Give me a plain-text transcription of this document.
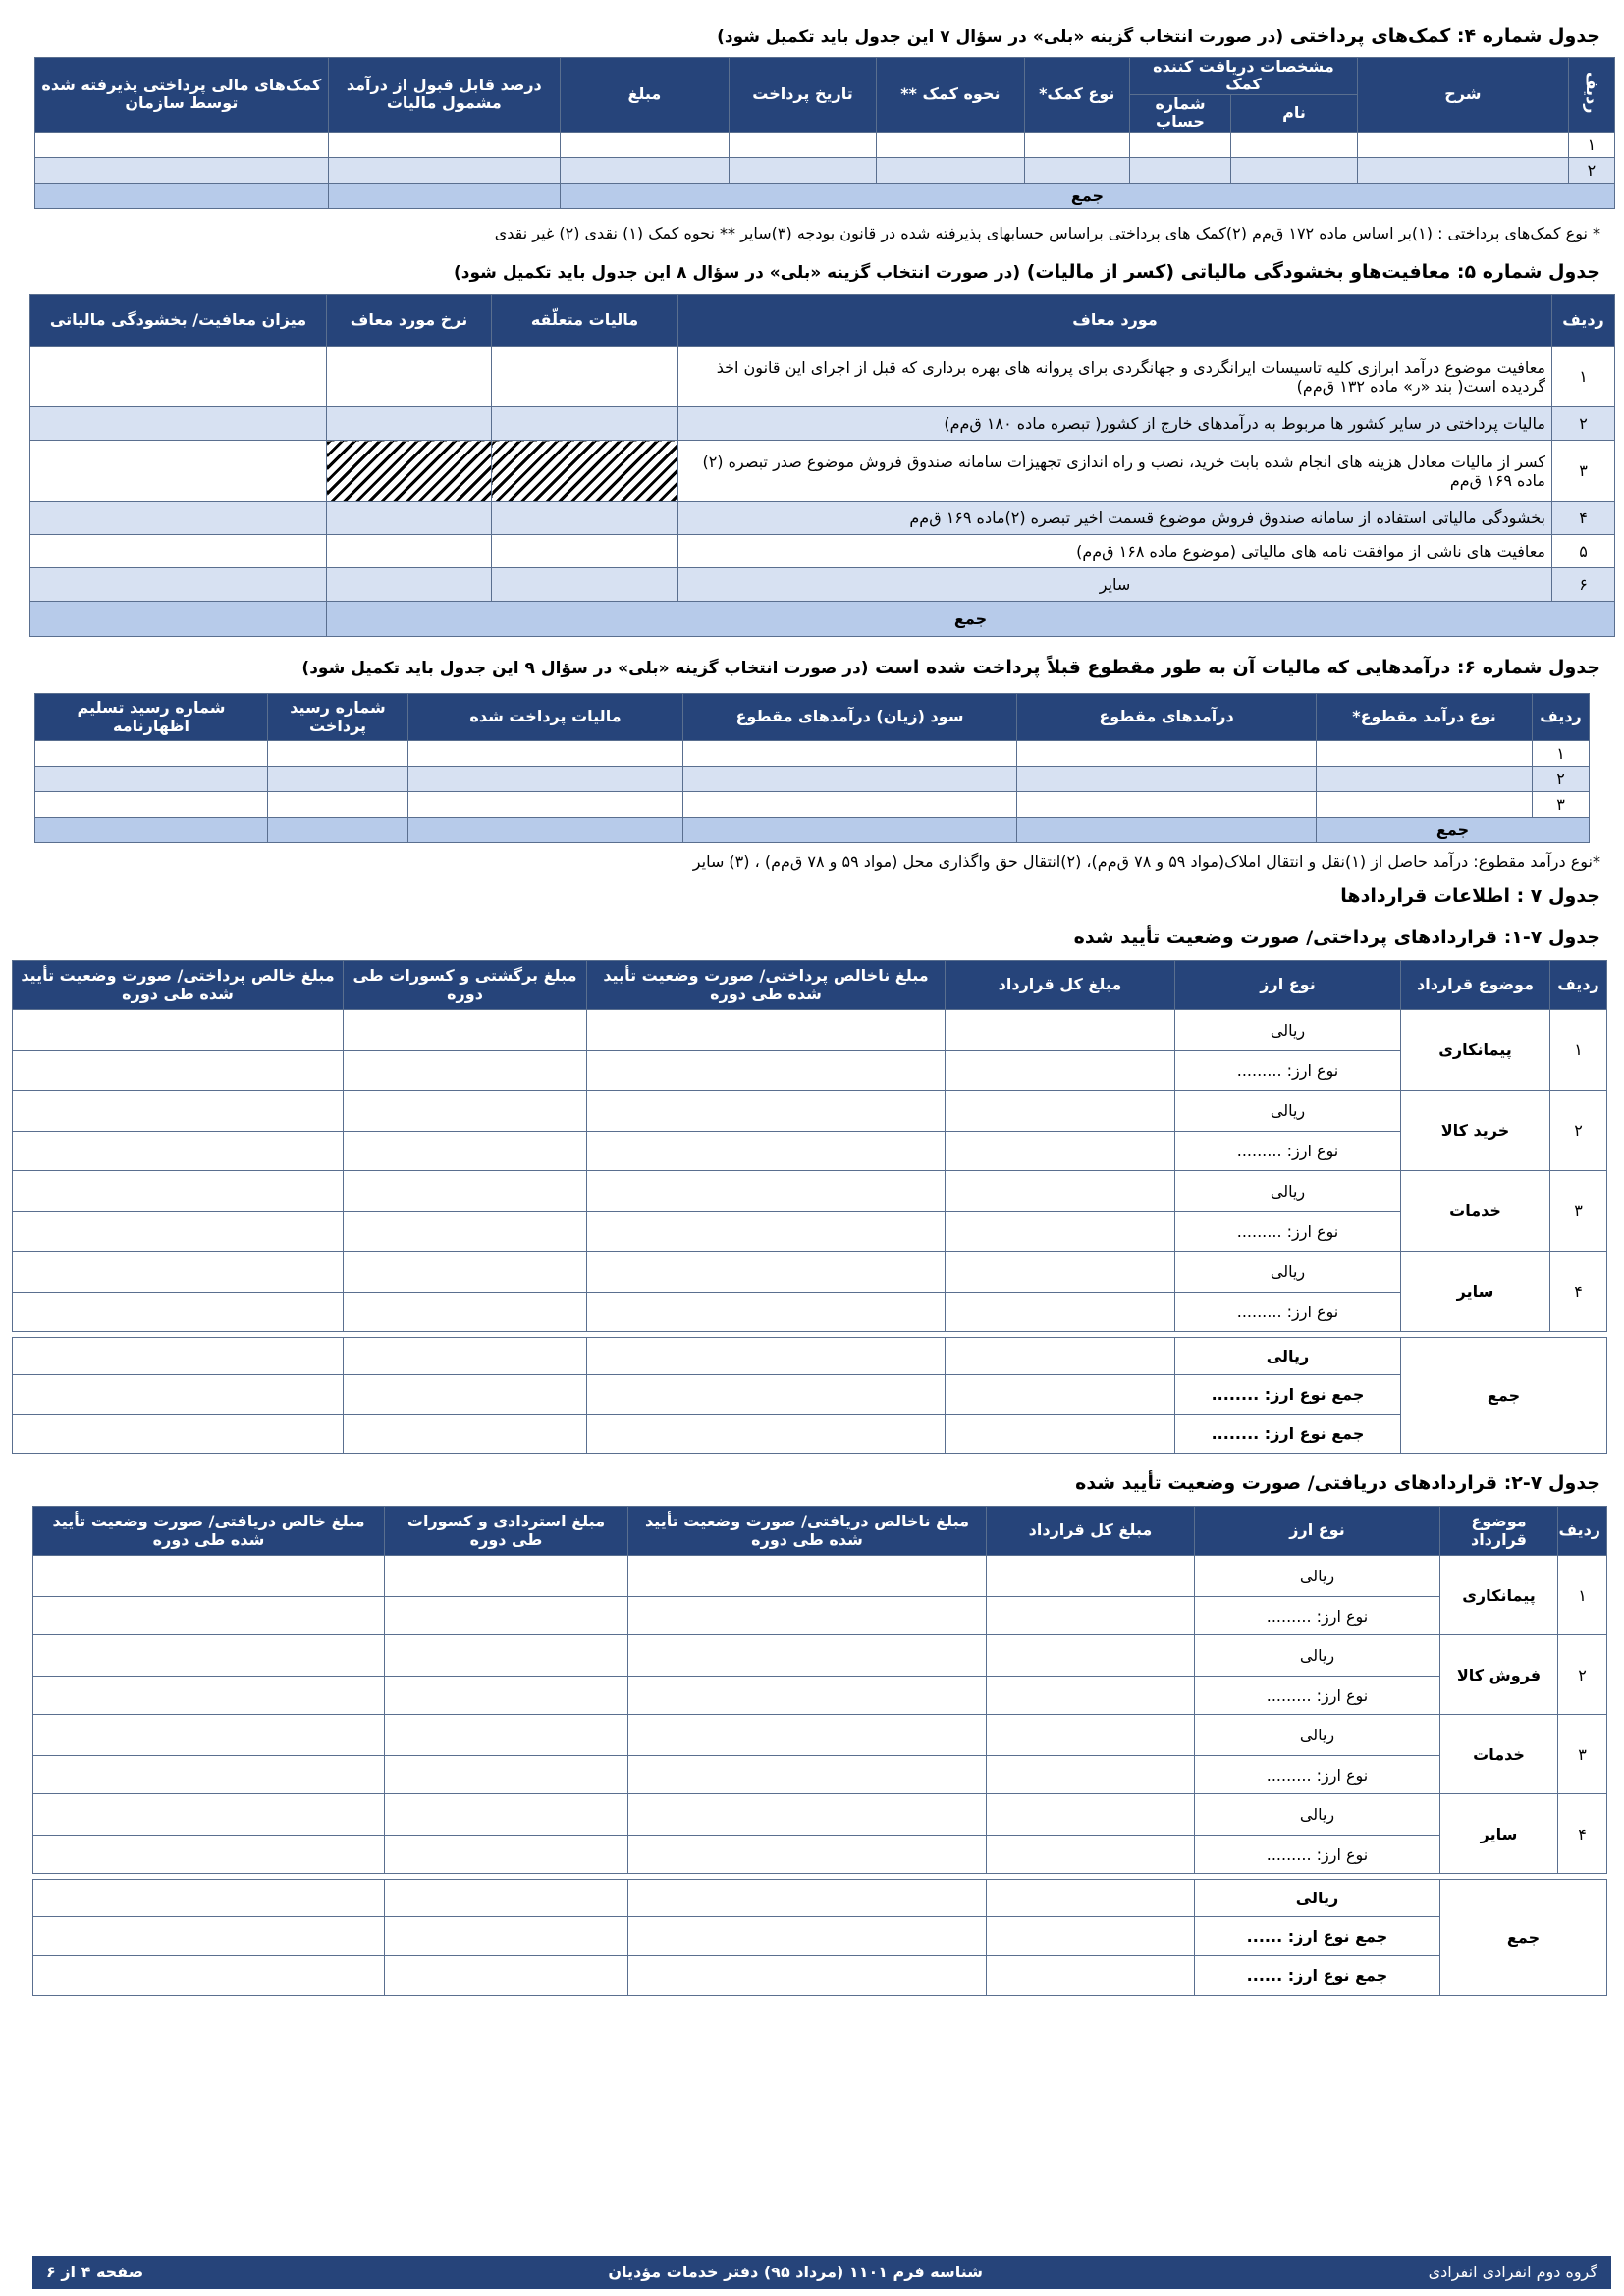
جدول شماره ۴: کمک‌های پرداختی (در صورت انتخاب گزینه «بلی» در سؤال ۷ این جدول باید تکمیل شود)
ردیف	شرح	مشخصات دریافت کننده کمک		نوع کمک*	نحوه کمک **	تاریخ پرداخت	مبلغ	درصد قابل قبول از درآمد مشمول مالیات	کمک‌های مالی پرداختی پذیرفته شده توسط سازمان
		نام	شماره حساب						
۱									
۲									
جمع									
* نوع کمک‌های پرداختی : (۱)بر اساس ماده ۱۷۲ ق‌م‌م (۲)کمک های پرداختی براساس حسابهای پذیرفته شده در قانون بودجه (۳)سایر ** نحوه کمک (۱) نقدی (۲) غیر نقدی
جدول شماره ۵: معافیت‌هاو بخشودگی مالیاتی (کسر از مالیات) (در صورت انتخاب گزینه «بلی» در سؤال ۸ این جدول باید تکمیل شود)
ردیف	مورد معاف	مالیات متعلّقه	نرخ مورد معاف	میزان معافیت/ بخشودگی مالیاتی
۱	معافیت موضوع درآمد ابرازی کلیه تاسیسات ایرانگردی و جهانگردی برای پروانه های بهره برداری که قبل از اجرای این قانون اخذ گردیده است( بند «ر» ماده ۱۳۲ ق‌م‌م)			
۲	مالیات پرداختی در سایر کشور ها مربوط به درآمدهای خارج از کشور( تبصره ماده ۱۸۰ ق‌م‌م)			
۳	کسر از مالیات معادل هزینه های انجام شده بابت خرید، نصب و راه اندازی تجهیزات سامانه صندوق فروش موضوع صدر تبصره (۲) ماده ۱۶۹ ق‌م‌م			
۴	بخشودگی مالیاتی استفاده از سامانه صندوق فروش موضوع قسمت اخیر تبصره (۲)ماده ۱۶۹ ق‌م‌م			
۵	معافیت های ناشی از موافقت نامه های مالیاتی (موضوع ماده ۱۶۸ ق‌م‌م)			
۶	سایر			
جمع				
جدول شماره ۶: درآمدهایی که مالیات آن به طور مقطوع قبلاً پرداخت شده است (در صورت انتخاب گزینه «بلی» در سؤال ۹ این جدول باید تکمیل شود)
ردیف	نوع درآمد مقطوع*	درآمدهای مقطوع	سود (زیان) درآمدهای مقطوع	مالیات پرداخت شده	شماره رسید پرداخت	شماره رسید تسلیم اظهارنامه
۱						
۲						
۳						
جمع						
*نوع درآمد مقطوع: درآمد حاصل از (۱)نقل و انتقال املاک(مواد ۵۹ و ۷۸ ق‌م‌م)، (۲)انتقال حق واگذاری محل (مواد ۵۹ و ۷۸ ق‌م‌م) ، (۳) سایر
جدول ۷ : اطلاعات قراردادها
جدول ۷-۱: قراردادهای پرداختی/ صورت وضعیت تأیید شده
ردیف	موضوع قرارداد	نوع ارز	مبلغ کل قرارداد	مبلغ ناخالص پرداختی/ صورت وضعیت تأیید شده طی دوره	مبلغ برگشتی و کسورات طی دوره	مبلغ خالص پرداختی/ صورت وضعیت تأیید شده طی دوره
۱	پیمانکاری	ریالی				
		نوع ارز: .........				
۲	خرید کالا	ریالی				
		نوع ارز: .........				
۳	خدمات	ریالی				
		نوع ارز: .........				
۴	سایر	ریالی				
		نوع ارز: .........				

جمع		ریالی				
		جمع نوع ارز: ........				
		جمع نوع ارز: ........				
جدول ۷-۲: قراردادهای دریافتی/ صورت وضعیت تأیید شده
ردیف	موضوع قرارداد	نوع ارز	مبلغ کل قرارداد	مبلغ ناخالص دریافتی/ صورت وضعیت تأیید شده طی دوره	مبلغ استردادی و کسورات طی دوره	مبلغ خالص دریافتی/ صورت وضعیت تأیید شده طی دوره
۱	پیمانکاری	ریالی				
		نوع ارز: .........				
۲	فروش کالا	ریالی				
		نوع ارز: .........				
۳	خدمات	ریالی				
		نوع ارز: .........				
۴	سایر	ریالی				
		نوع ارز: .........				

جمع		ریالی				
		جمع نوع ارز: ......				
		جمع نوع ارز: ......				
گروه دوم انفرادی انفرادی
شناسه فرم ۱۱۰۱ (مرداد ۹۵) دفتر خدمات مؤدیان
صفحه ۴ از ۶
